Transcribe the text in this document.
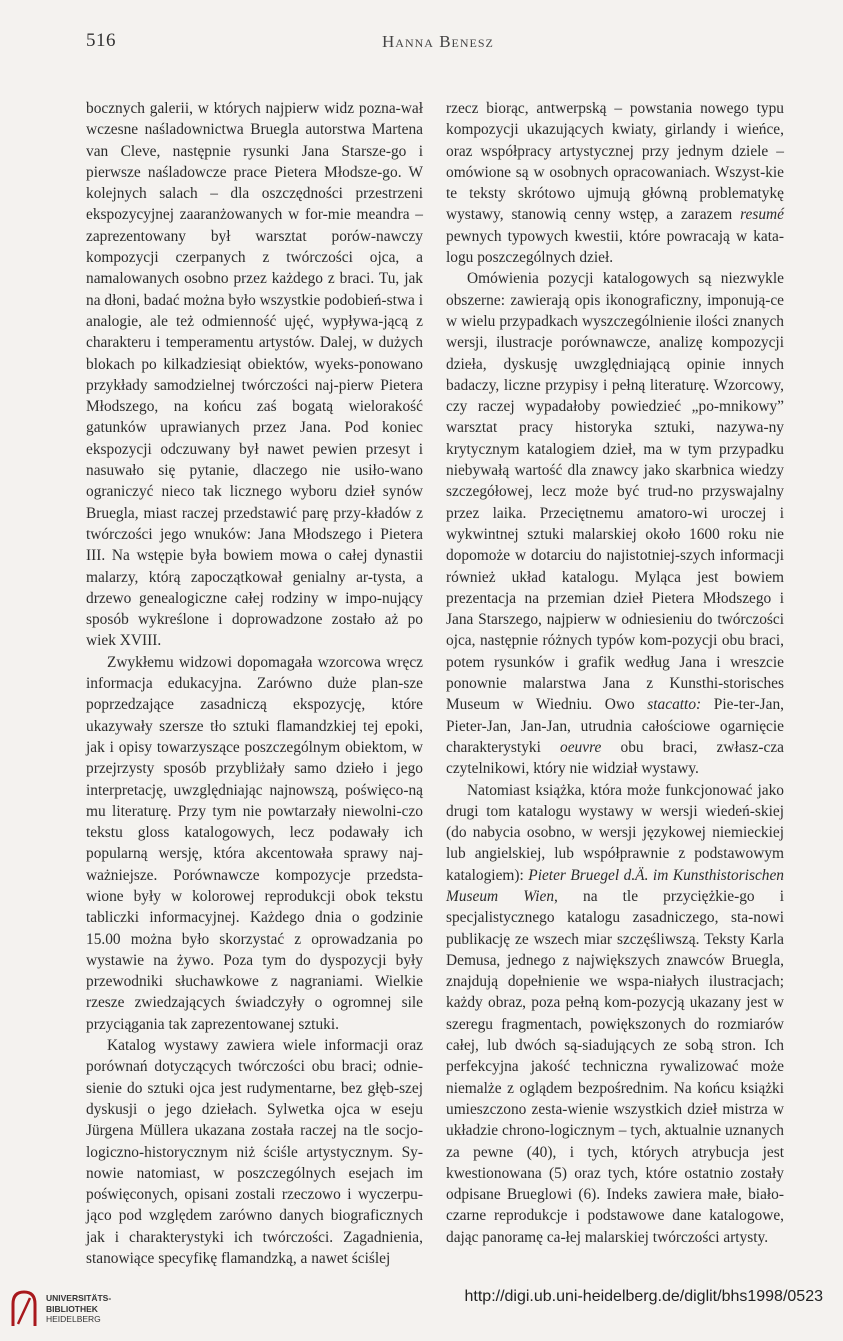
516	Hanna Benesz

bocznych galerii, w których najpierw widz pozna-wał wczesne naśladownictwa Bruegla autorstwa Martena van Cleve, następnie rysunki Jana Starsze-go i pierwsze naśladowcze prace Pietera Młodsze-go. W kolejnych salach – dla oszczędności przestrzeni ekspozycyjnej zaaranżowanych w for-mie meandra – zaprezentowany był warsztat porów-nawczy kompozycji czerpanych z twórczości ojca, a namalowanych osobno przez każdego z braci. Tu, jak na dłoni, badać można było wszystkie podobień-stwa i analogie, ale też odmienność ujęć, wypływa-jącą z charakteru i temperamentu artystów. Dalej, w dużych blokach po kilkadziesiąt obiektów, wyeks-ponowano przykłady samodzielnej twórczości naj-pierw Pietera Młodszego, na końcu zaś bogatą wielorakość gatunków uprawianych przez Jana. Pod koniec ekspozycji odczuwany był nawet pewien przesyt i nasuwało się pytanie, dlaczego nie usiło-wano ograniczyć nieco tak licznego wyboru dzieł synów Bruegla, miast raczej przedstawić parę przy-kładów z twórczości jego wnuków: Jana Młodszego i Pietera III. Na wstępie była bowiem mowa o całej dynastii malarzy, którą zapoczątkował genialny ar-tysta, a drzewo genealogiczne całej rodziny w impo-nujący sposób wykreślone i doprowadzone zostało aż po wiek XVIII.

Zwykłemu widzowi dopomagała wzorcowa wręcz informacja edukacyjna. Zarówno duże plan-sze poprzedzające zasadniczą ekspozycję, które ukazywały szersze tło sztuki flamandzkiej tej epoki, jak i opisy towarzyszące poszczególnym obiektom, w przejrzysty sposób przybliżały samo dzieło i jego interpretację, uwzględniając najnowszą, poświęco-ną mu literaturę. Przy tym nie powtarzały niewolni-czo tekstu gloss katalogowych, lecz podawały ich popularną wersję, która akcentowała sprawy naj-ważniejsze. Porównawcze kompozycje przedsta-wione były w kolorowej reprodukcji obok tekstu tabliczki informacyjnej. Każdego dnia o godzinie 15.00 można było skorzystać z oprowadzania po wystawie na żywo. Poza tym do dyspozycji były przewodniki słuchawkowe z nagraniami. Wielkie rzesze zwiedzających świadczyły o ogromnej sile przyciągania tak zaprezentowanej sztuki.

Katalog wystawy zawiera wiele informacji oraz porównań dotyczących twórczości obu braci; odnie-sienie do sztuki ojca jest rudymentarne, bez głęb-szej dyskusji o jego dziełach. Sylwetka ojca w eseju Jürgena Müllera ukazana została raczej na tle socjo-logiczno-historycznym niż ściśle artystycznym. Sy-nowie natomiast, w poszczególnych esejach im poświęconych, opisani zostali rzeczowo i wyczerpu-jąco pod względem zarówno danych biograficznych jak i charakterystyki ich twórczości. Zagadnienia, stanowiące specyfikę flamandzką, a nawet ściślej

rzecz biorąc, antwerpską – powstania nowego typu kompozycji ukazujących kwiaty, girlandy i wieńce, oraz współpracy artystycznej przy jednym dziele – omówione są w osobnych opracowaniach. Wszyst-kie te teksty skrótowo ujmują główną problematykę wystawy, stanowią cenny wstęp, a zarazem resumé pewnych typowych kwestii, które powracają w kata-logu poszczególnych dzieł.

Omówienia pozycji katalogowych są niezwykle obszerne: zawierają opis ikonograficzny, imponują-ce w wielu przypadkach wyszczególnienie ilości znanych wersji, ilustracje porównawcze, analizę kompozycji dzieła, dyskusję uwzględniającą opinie innych badaczy, liczne przypisy i pełną literaturę. Wzorcowy, czy raczej wypadałoby powiedzieć „po-mnikowy” warsztat pracy historyka sztuki, nazywa-ny krytycznym katalogiem dzieł, ma w tym przypadku niebywałą wartość dla znawcy jako skarbnica wiedzy szczegółowej, lecz może być trud-no przyswajalny przez laika. Przeciętnemu amatoro-wi uroczej i wykwintnej sztuki malarskiej około 1600 roku nie dopomoże w dotarciu do najistotniej-szych informacji również układ katalogu. Myląca jest bowiem prezentacja na przemian dzieł Pietera Młodszego i Jana Starszego, najpierw w odniesieniu do twórczości ojca, następnie różnych typów kom-pozycji obu braci, potem rysunków i grafik według Jana i wreszcie ponownie malarstwa Jana z Kunsthi-storisches Museum w Wiedniu. Owo stacatto: Pie-ter-Jan, Pieter-Jan, Jan-Jan, utrudnia całościowe ogarnięcie charakterystyki oeuvre obu braci, zwłasz-cza czytelnikowi, który nie widział wystawy.

Natomiast książka, która może funkcjonować jako drugi tom katalogu wystawy w wersji wiedeń-skiej (do nabycia osobno, w wersji językowej niemieckiej lub angielskiej, lub współprawnie z podstawowym katalogiem): Pieter Bruegel d.Ä. im Kunsthistorischen Museum Wien, na tle przyciężkie-go i specjalistycznego katalogu zasadniczego, sta-nowi publikację ze wszech miar szczęśliwszą. Teksty Karla Demusa, jednego z największych znawców Bruegla, znajdują dopełnienie we wspa-niałych ilustracjach; każdy obraz, poza pełną kom-pozycją ukazany jest w szeregu fragmentach, powiększonych do rozmiarów całej, lub dwóch są-siadujących ze sobą stron. Ich perfekcyjna jakość techniczna rywalizować może niemalże z oglądem bezpośrednim. Na końcu książki umieszczono zesta-wienie wszystkich dzieł mistrza w układzie chrono-logicznym – tych, aktualnie uznanych za pewne (40), i tych, których atrybucja jest kwestionowana (5) oraz tych, które ostatnio zostały odpisane Brueglowi (6). Indeks zawiera małe, biało-czarne reprodukcje i podstawowe dane katalogowe, dając panoramę ca-łej malarskiej twórczości artysty.

UNIVERSITÄTS-
BIBLIOTHEK
HEIDELBERG
http://digi.ub.uni-heidelberg.de/diglit/bhs1998/0523
